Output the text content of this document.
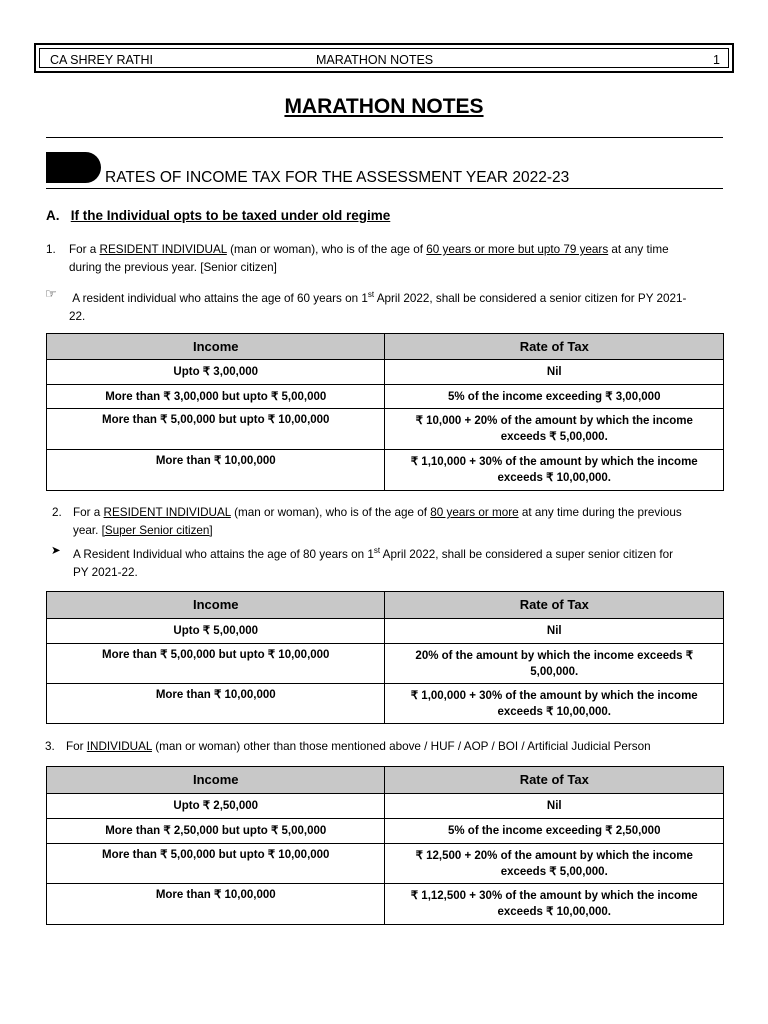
CA SHREY RATHI	MARATHON NOTES	1
MARATHON NOTES
RATES OF INCOME TAX FOR THE ASSESSMENT YEAR 2022-23
A. If the Individual opts to be taxed under old regime
1. For a RESIDENT INDIVIDUAL (man or woman), who is of the age of 60 years or more but upto 79 years at any time
during the previous year. [Senior citizen]
☞ A resident individual who attains the age of 60 years on 1st April 2022, shall be considered a senior citizen for PY 2021-
22.
Income	Rate of Tax
Upto ₹ 3,00,000	Nil

More than ₹ 3,00,000 but upto ₹ 5,00,000	5% of the income exceeding ₹ 3,00,000

More than ₹ 5,00,000 but upto ₹ 10,00,000	₹ 10,000 + 20% of the amount by which the income
exceeds ₹ 5,00,000.

More than ₹ 10,00,000	₹ 1,10,000 + 30% of the amount by which the income
exceeds ₹ 10,00,000.
2. For a RESIDENT INDIVIDUAL (man or woman), who is of the age of 80 years or more at any time during the previous
year. [Super Senior citizen]
➤ A Resident Individual who attains the age of 80 years on 1st April 2022, shall be considered a super senior citizen for
PY 2021-22.
Income	Rate of Tax
Upto ₹ 5,00,000	Nil

More than ₹ 5,00,000 but upto ₹ 10,00,000	20% of the amount by which the income exceeds ₹
5,00,000.

More than ₹ 10,00,000	₹ 1,00,000 + 30% of the amount by which the income
exceeds ₹ 10,00,000.
3. For INDIVIDUAL (man or woman) other than those mentioned above / HUF / AOP / BOI / Artificial Judicial Person
Income	Rate of Tax
Upto ₹ 2,50,000	Nil

More than ₹ 2,50,000 but upto ₹ 5,00,000	5% of the income exceeding ₹ 2,50,000

More than ₹ 5,00,000 but upto ₹ 10,00,000	₹ 12,500 + 20% of the amount by which the income
exceeds ₹ 5,00,000.

More than ₹ 10,00,000	₹ 1,12,500 + 30% of the amount by which the income
exceeds ₹ 10,00,000.
